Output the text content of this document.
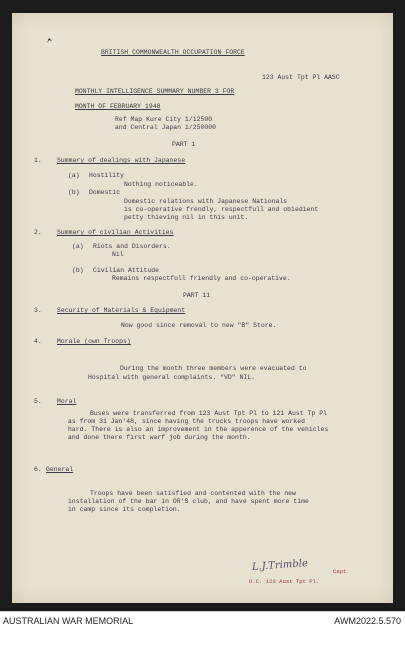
BRITISH COMMONWEALTH OCCUPATION FORCE
123 Aust Tpt Pl AASC
MONTHLY INTELLIGENCE SUMMARY NUMBER 3 FOR
MONTH OF FEBRUARY 1948
Ref Map Kure City 1/12500
and Central Japan 1/250000
PART 1
1. Summary of dealings with Japanese
(a) Hostility
Nothing noticeable.
(b) Domestic
Domestic relations with Japanese Nationals
is co-operative frendly, respectfull and obiedient
petty thieving nil in this unit.
2. Summary of civilian Activities
(a) Riots and Disorders.
Nil
(b) Civilian Attitude
Remains respectfull friendly and co-operative.
PART 11
3. Security of Materials & Equipment
Now good since removal to new "B" Store.
4. Morale (own Troops)
During the month three members were evacuated to
Hospital with general complaints. "VD" NIL.
5. Moral
Buses were transferred from 123 Aust Tpt Pl to 121 Aust Tp Pl
as from 31 Jan'48, since having the trucks troops have worked
hard. There is also an improvement in the apperence of the vehicles
and done there first warf job during the month.
6. General
Troops have been satisfied and contented with the new
installation of the bar in OR'S club, and have spent more time
in camp since its completion.
L.J.Trimble	Capt
O.C. 123 Aust Tpt Pl.
AUSTRALIAN WAR MEMORIAL	AWM2022.5.570
